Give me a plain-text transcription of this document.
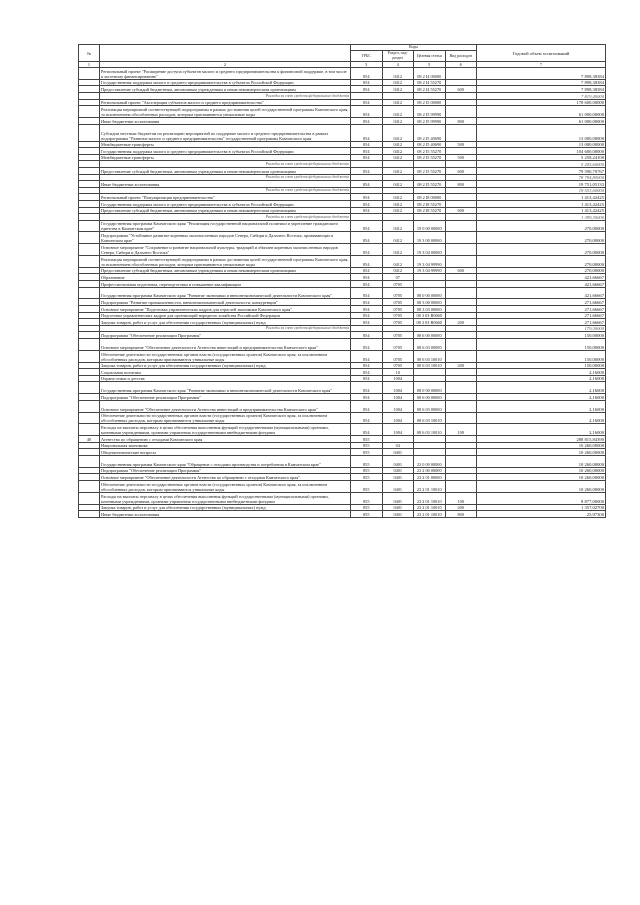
№		Коды				Годовой объем ассигнований
		ГРБС	Раздел, под-раздел	Целевая статья	Вид расходов	
1	2	3	4	5	6	7
	Региональный проект "Расширение доступа субъектов малого и среднего предпринимательства к финансовой поддержке, в том числе к льготному финансированию"	854	0412	08 2 I4 00000		7 898,38384
	Государственная поддержка малого и среднего предпринимательства в субъектах Российской Федерации	854	0412	08 2 I4 55270		7 898,38384
	Предоставление субсидий бюджетным, автономным учреждениям и иным некоммерческим организациям	854	0412	08 2 I4 55270	600	7 898,38384
	Расходы за счет средств федерального бюджета					7 819,40000
	Региональный проект "Акселерация субъектов малого и среднего предпринимательства"	854	0412	08 2 I5 00000		178 600,00000
	Реализация мероприятий соответствующей подпрограммы в рамках достижения целей государственной программы Камчатского края, за исключением обособленных расходов, которым присваиваются уникальные коды	854	0412	08 2 I5 99990		61 000,00000
	Иные бюджетные ассигнования	854	0412	08 2 I5 99990	800	61 000,00000
	Субсидии местным бюджетам на реализацию мероприятий по поддержке малого и среднего предпринимательства в рамках подпрограммы "Развитие малого и среднего предпринимательства" государственной программы Камчатского края	854	0412	08 2 I5 40690		13 000,00000
	Межбюджетные трансферты	854	0412	08 2 I5 40690	500	13 000,00000
	Государственная поддержка малого и среднего предпринимательства в субъектах Российской Федерации	854	0412	08 2 I5 55270		104 600,00000
	Межбюджетные трансферты	854	0412	08 2 I5 55270	500	5 258,24100
	Расходы за счет средств федерального бюджета					5 205,60000
	Предоставление субсидий бюджетным, автономным учреждениям и иным некоммерческим организациям	854	0412	08 2 I5 55270	600	79 590,70767
	Расходы за счет средств федерального бюджета					78 794,80000
	Иные бюджетные ассигнования	854	0412	08 2 I5 55270	800	19 751,05133
	Расходы за счет средств федерального бюджета					19 553,60000
	Региональный проект "Популяризация предпринимательства"	854	0412	08 2 I8 00000		1 413,42425
	Государственная поддержка малого и среднего предпринимательства в субъектах Российской Федерации	854	0412	08 2 I8 55270		1 413,42425
	Предоставление субсидий бюджетным, автономным учреждениям и иным некоммерческим организациям	854	0412	08 2 I8 55270	600	1 413,42425
	Расходы за счет средств федерального бюджета					1 399,30000
	Государственная программа Камчатского края "Реализация государственной национальной политики и укрепление гражданского единства в Камчатском крае"	854	0412	19 0 00 00000		270,00000
	Подпрограмма "Устойчивое развитие коренных малочисленных народов Севера, Сибири и Дальнего Востока, проживающих в Камчатском крае"	854	0412	19 3 00 00000		270,00000
	Основное мероприятие "Сохранение и развитие национальной культуры, традиций и обычаев коренных малочисленных народов Севера, Сибири и Дальнего Востока"	854	0412	19 3 04 00000		270,00000
	Реализация мероприятий соответствующей подпрограммы в рамках достижения целей государственной программы Камчатского края, за исключением обособленных расходов, которым присваиваются уникальные коды	854	0412	19 3 04 99990		270,00000
	Предоставление субсидий бюджетным, автономным учреждениям и иным некоммерческим организациям	854	0412	19 3 04 99990	600	270,00000
	Образование	854	07			421,66667
	Профессиональная подготовка, переподготовка и повышение квалификации	854	0705			421,66667
	Государственная программа Камчатского края "Развитие экономики и внешнеэкономической деятельности Камчатского края"	854	0705	08 0 00 00000		421,66667
	Подпрограмма "Развитие промышленности, внешнеэкономической деятельности, конкуренции"	854	0705	08 3 00 00000		271,66667
	Основное мероприятие "Подготовка управленческих кадров для отраслей экономики Камчатского края"	854	0705	08 3 03 00000		271,66667
	Подготовка управленческих кадров для организаций народного хозяйства Российской Федерации	854	0705	08 3 03 R0660		271,66667
	Закупка товаров, работ и услуг для обеспечения государственных (муниципальных) нужд	854	0705	08 3 03 R0660	200	271,66667
	Расходы за счет средств федерального бюджета					179,30000
	Подпрограмма "Обеспечение реализации Программы"	854	0705	08 6 00 00000		150,00000
	Основное мероприятие "Обеспечение деятельности Агентства инвестиций и предпринимательства Камчатского края"	854	0705	08 6 03 00000		150,00000
	Обеспечение деятельности государственных органов власти (государственных органов) Камчатского края, за исключением обособленных расходов, которым присваиваются уникальные коды	854	0705	08 6 03 10010		150,00000
	Закупка товаров, работ и услуг для обеспечения государственных (муниципальных) нужд	854	0705	08 6 03 10010	200	150,00000
	Социальная политика	854	10			2,16000
	Охрана семьи и детства	854	1004			2,16000
	Государственная программа Камчатского края "Развитие экономики и внешнеэкономической деятельности Камчатского края"	854	1004	08 0 00 00000		2,16000
	Подпрограмма "Обеспечение реализации Программы"	854	1004	08 6 00 00000		2,16000
	Основное мероприятие "Обеспечение деятельности Агентства инвестиций и предпринимательства Камчатского края"	854	1004	08 6 03 00000		2,16000
	Обеспечение деятельности государственных органов власти (государственных органов) Камчатского края, за исключением обособленных расходов, которым присваиваются уникальные коды	854	1004	08 6 03 10010		2,16000
	Расходы на выплаты персоналу в целях обеспечения выполнения функций государственными (муниципальными) органами, казенными учреждениями, органами управления государственными внебюджетными фондами	854	1004	08 6 03 10010	100	2,16000
40	Агентство по обращению с отходами Камчатского края	855				288 815,84390
	Национальная экономика	855	04			10 260,00000
	Общеэкономические вопросы	855	0401			10 260,00000
	Государственная программа Камчатского края "Обращение с отходами производства и потребления в Камчатском крае"	855	0401	23 0 00 00000		10 260,00000
	Подпрограмма "Обеспечение реализации Программы"	855	0401	23 2 00 00000		10 260,00000
	Основное мероприятие "Обеспечение деятельности Агентства по обращению с отходами Камчатского края"	855	0401	23 2 01 00000		10 260,00000
	Обеспечение деятельности государственных органов власти (государственных органов) Камчатского края, за исключением обособленных расходов, которым присваиваются уникальные коды	855	0401	23 2 01 10010		10 260,00000
	Расходы на выплаты персоналу в целях обеспечения выполнения функций государственными (муниципальными) органами, казенными учреждениями, органами управления государственными внебюджетными фондами	855	0401	23 2 01 10010	100	8 877,00000
	Закупка товаров, работ и услуг для обеспечения государственных (муниципальных) нужд	855	0401	23 2 01 10010	200	1 357,02700
	Иные бюджетные ассигнования	855	0401	23 2 01 10010	800	25,97300
